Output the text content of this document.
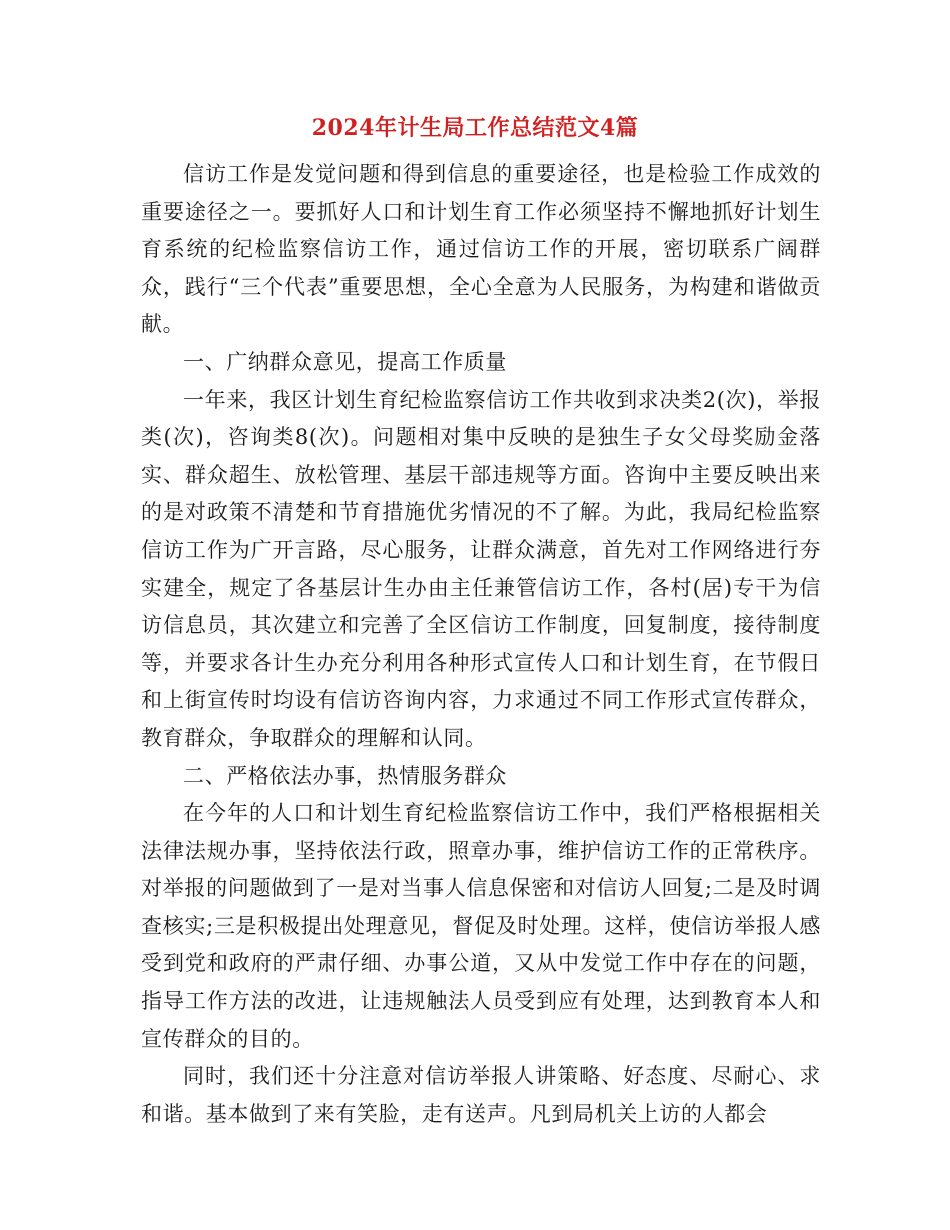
2024年计生局工作总结范文4篇

信访工作是发觉问题和得到信息的重要途径，也是检验工作成效的重要途径之一。要抓好人口和计划生育工作必须坚持不懈地抓好计划生育系统的纪检监察信访工作，通过信访工作的开展，密切联系广阔群众，践行“三个代表”重要思想，全心全意为人民服务，为构建和谐做贡献。

一、广纳群众意见，提高工作质量

一年来，我区计划生育纪检监察信访工作共收到求决类2(次)，举报类(次)，咨询类8(次)。问题相对集中反映的是独生子女父母奖励金落实、群众超生、放松管理、基层干部违规等方面。咨询中主要反映出来的是对政策不清楚和节育措施优劣情况的不了解。为此，我局纪检监察信访工作为广开言路，尽心服务，让群众满意，首先对工作网络进行夯实建全，规定了各基层计生办由主任兼管信访工作，各村(居)专干为信访信息员，其次建立和完善了全区信访工作制度，回复制度，接待制度等，并要求各计生办充分利用各种形式宣传人口和计划生育，在节假日和上街宣传时均设有信访咨询内容，力求通过不同工作形式宣传群众，教育群众，争取群众的理解和认同。

二、严格依法办事，热情服务群众

在今年的人口和计划生育纪检监察信访工作中，我们严格根据相关法律法规办事，坚持依法行政，照章办事，维护信访工作的正常秩序。对举报的问题做到了一是对当事人信息保密和对信访人回复;二是及时调查核实;三是积极提出处理意见，督促及时处理。这样，使信访举报人感受到党和政府的严肃仔细、办事公道，又从中发觉工作中存在的问题，指导工作方法的改进，让违规触法人员受到应有处理，达到教育本人和宣传群众的目的。

同时，我们还十分注意对信访举报人讲策略、好态度、尽耐心、求和谐。基本做到了来有笑脸，走有送声。凡到局机关上访的人都会
